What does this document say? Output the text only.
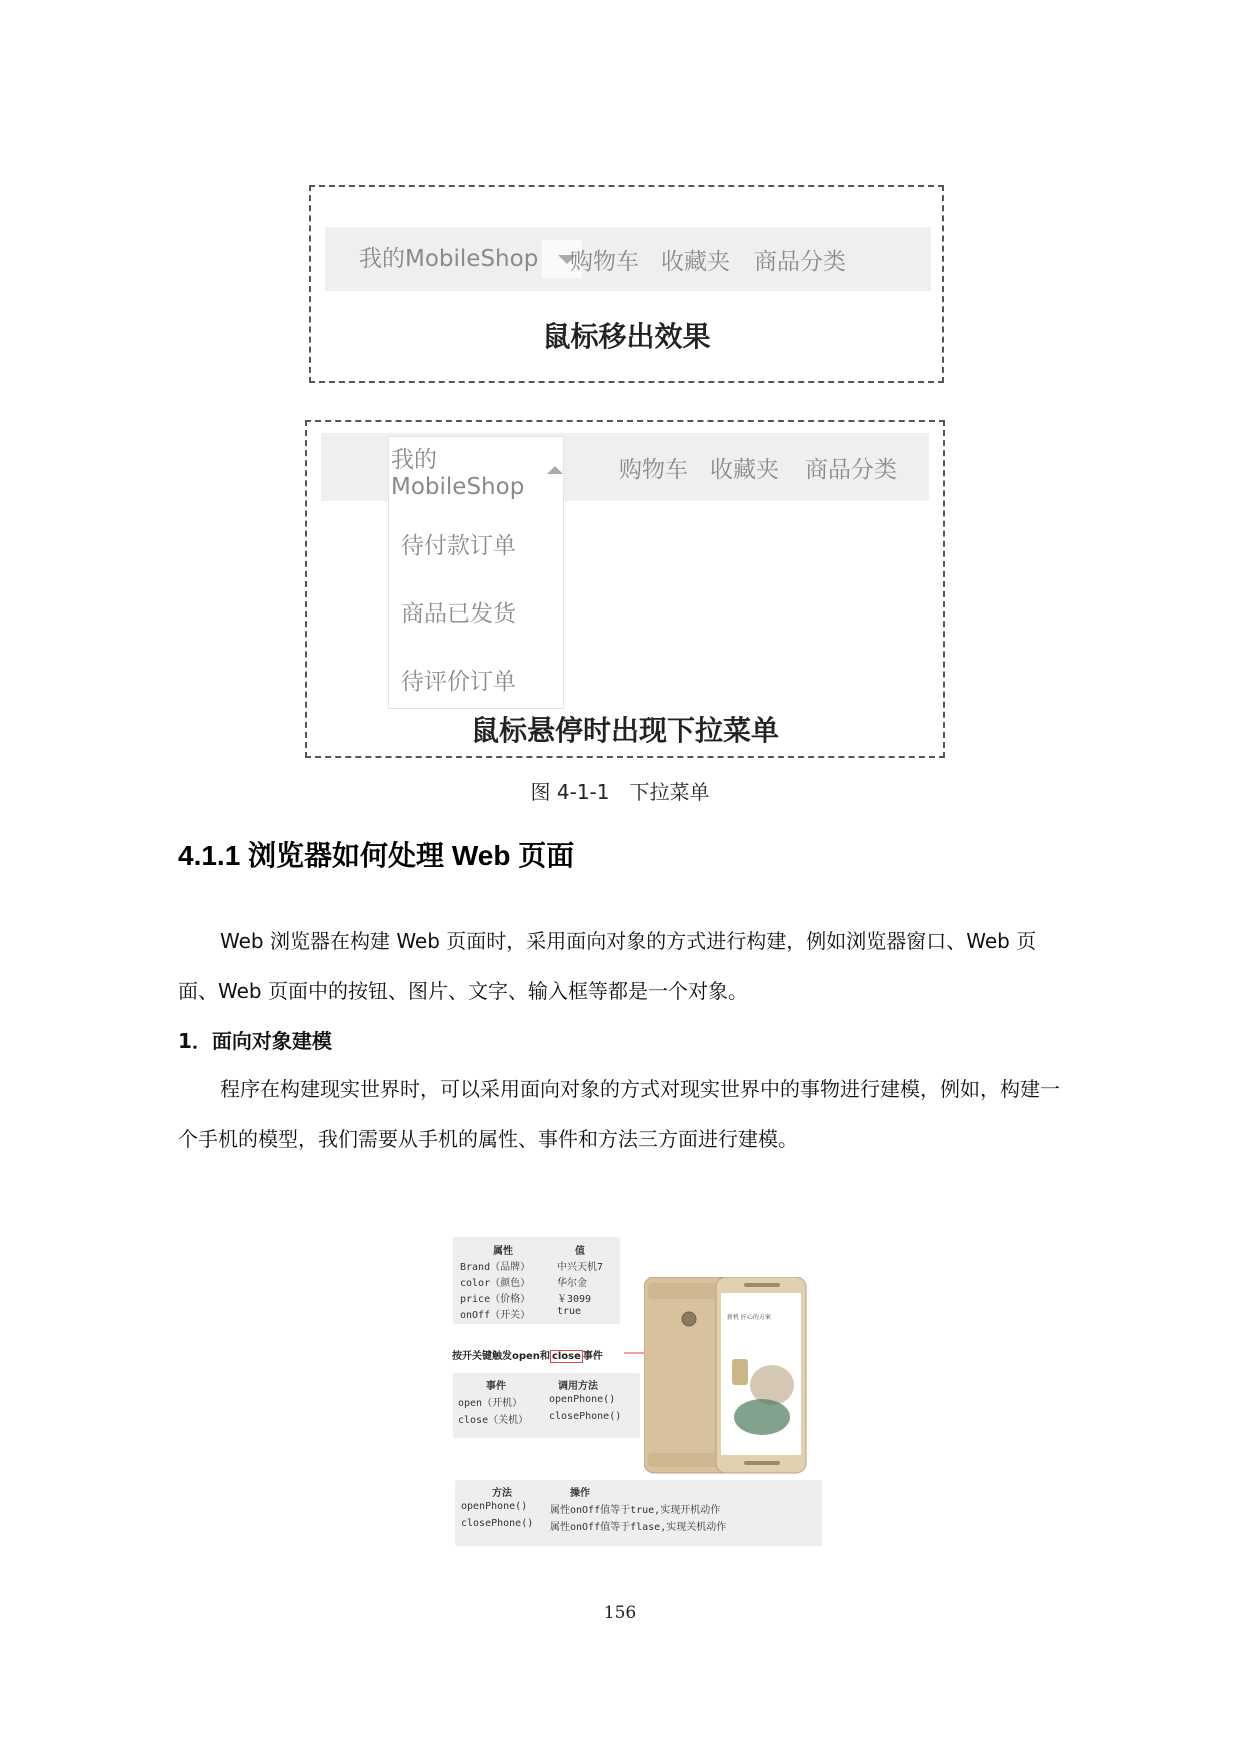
我的MobileShop	购物车 收藏夹 商品分类
鼠标移出效果
购物车 收藏夹 商品分类
我的MobileShop
待付款订单
商品已发货
待评价订单
鼠标悬停时出现下拉菜单
图 4-1-1　下拉菜单
4.1.1 浏览器如何处理 Web 页面

Web 浏览器在构建 Web 页面时，采用面向对象的方式进行构建，例如浏览器窗口、Web 页面、Web 页面中的按钮、图片、文字、输入框等都是一个对象。

1．面向对象建模

程序在构建现实世界时，可以采用面向对象的方式对现实世界中的事物进行建模，例如，构建一个手机的模型，我们需要从手机的属性、事件和方法三方面进行建模。

属性	值
Brand（品牌）	中兴天机7
color（颜色）	华尔金
price（价格）	￥3099
onOff（开关）	true
按开关键触发open和 close 事件
事件	调用方法
open（开机）	openPhone()
close（关机） closePhone()
新机 匠心的方案
方法	操作
openPhone() 属性onOff值等于true,实现开机动作
closePhone() 属性onOff值等于flase,实现关机动作
156
